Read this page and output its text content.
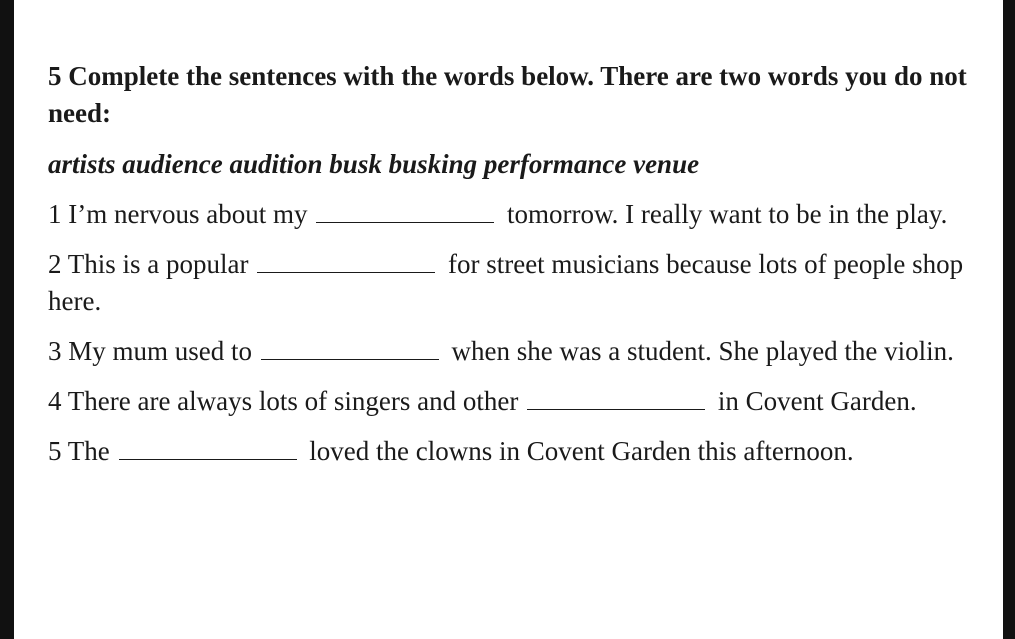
5 Complete the sentences with the words below. There are two words you do not need:

artists audience audition busk busking performance venue
1 I’m nervous about my	tomorrow. I really want to be in the play.
2 This is a popular	for street musicians because lots of people shop here.
3 My mum used to	when she was a student. She played the violin.
4 There are always lots of singers and other	in Covent Garden.
5 The	loved the clowns in Covent Garden this afternoon.
